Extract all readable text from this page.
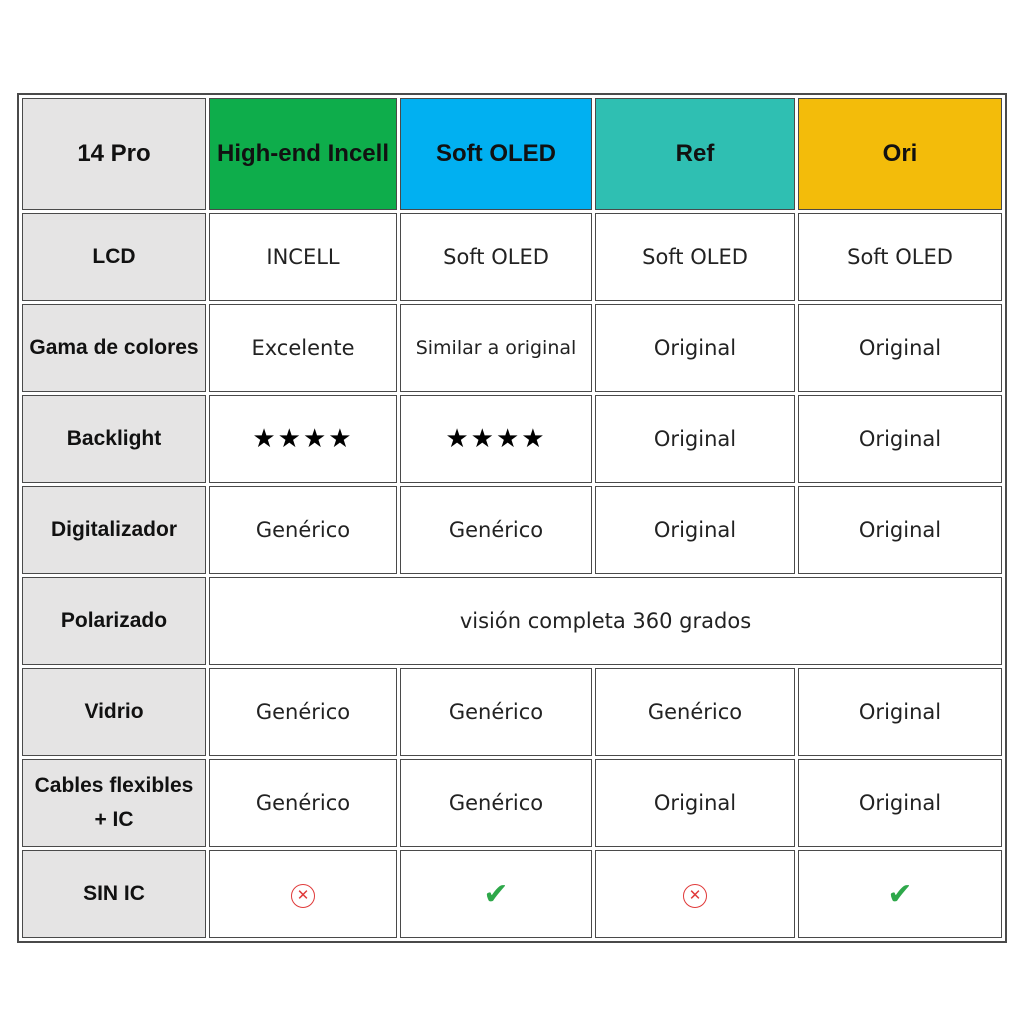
14 Pro	High-end Incell	Soft OLED	Ref	Ori
LCD	INCELL	Soft OLED	Soft OLED	Soft OLED
Gama de colores	Excelente	Similar a original	Original	Original
Backlight	★★★★	★★★★	Original	Original
Digitalizador	Genérico	Genérico	Original	Original
Polarizado	visión completa 360 grados			
Vidrio	Genérico	Genérico	Genérico	Original
Cables flexibles + IC	Genérico	Genérico	Original	Original
SIN IC	✕	✔	✕	✔
